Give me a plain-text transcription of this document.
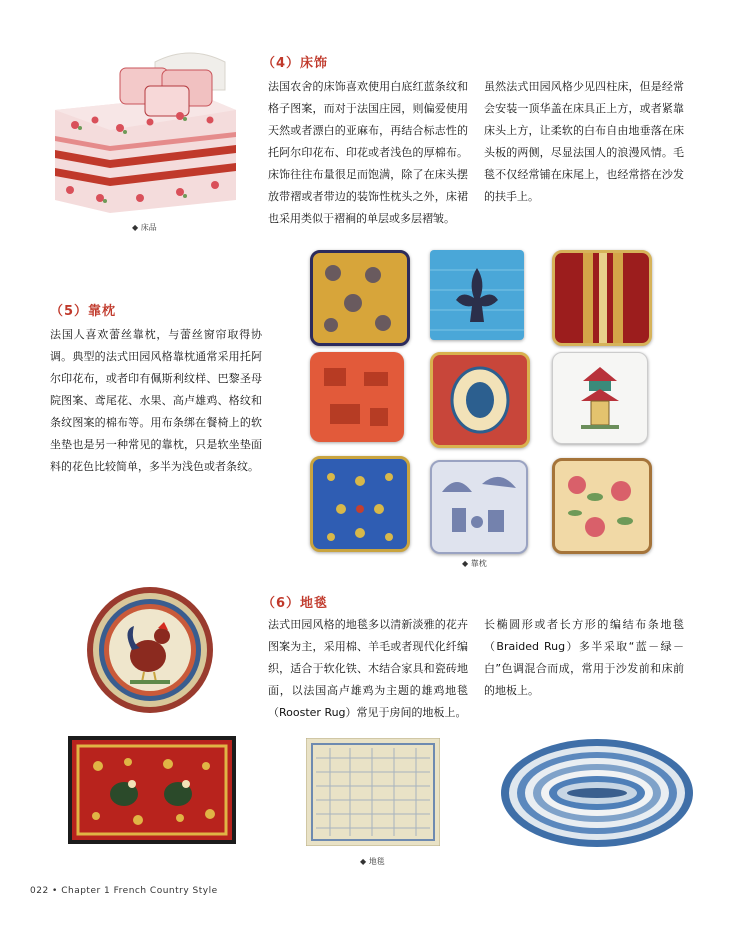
◆ 床品
（4）床饰
法国农舍的床饰喜欢使用白底红蓝条纹和格子图案，而对于法国庄园，则偏爱使用天然或者漂白的亚麻布，再结合标志性的托阿尔印花布、印花或者浅色的厚棉布。床饰往往布量很足而饱满，除了在床头摆放带褶或者带边的装饰性枕头之外，床裙也采用类似于褶裥的单层或多层褶皱。
虽然法式田园风格少见四柱床，但是经常会安装一顶华盖在床具正上方，或者紧靠床头上方，让柔软的白布自由地垂落在床头板的两侧，尽显法国人的浪漫风情。毛毯不仅经常铺在床尾上，也经常搭在沙发的扶手上。
（5）靠枕
法国人喜欢蕾丝靠枕，与蕾丝窗帘取得协调。典型的法式田园风格靠枕通常采用托阿尔印花布，或者印有佩斯利纹样、巴黎圣母院图案、鸢尾花、水果、高卢雄鸡、格纹和条纹图案的棉布等。用布条绑在餐椅上的软坐垫也是另一种常见的靠枕，只是软坐垫面料的花色比较简单，多半为浅色或者条纹。
◆ 靠枕
（6）地毯
法式田园风格的地毯多以清新淡雅的花卉图案为主，采用棉、羊毛或者现代化纤编织，适合于软化铁、木结合家具和瓷砖地面，以法国高卢雄鸡为主题的雄鸡地毯（Rooster Rug）常见于房间的地板上。
长椭圆形或者长方形的编结布条地毯（Braided Rug）多半采取“蓝－绿－白”色调混合而成，常用于沙发前和床前的地板上。
◆ 地毯
022 • Chapter 1 French Country Style
